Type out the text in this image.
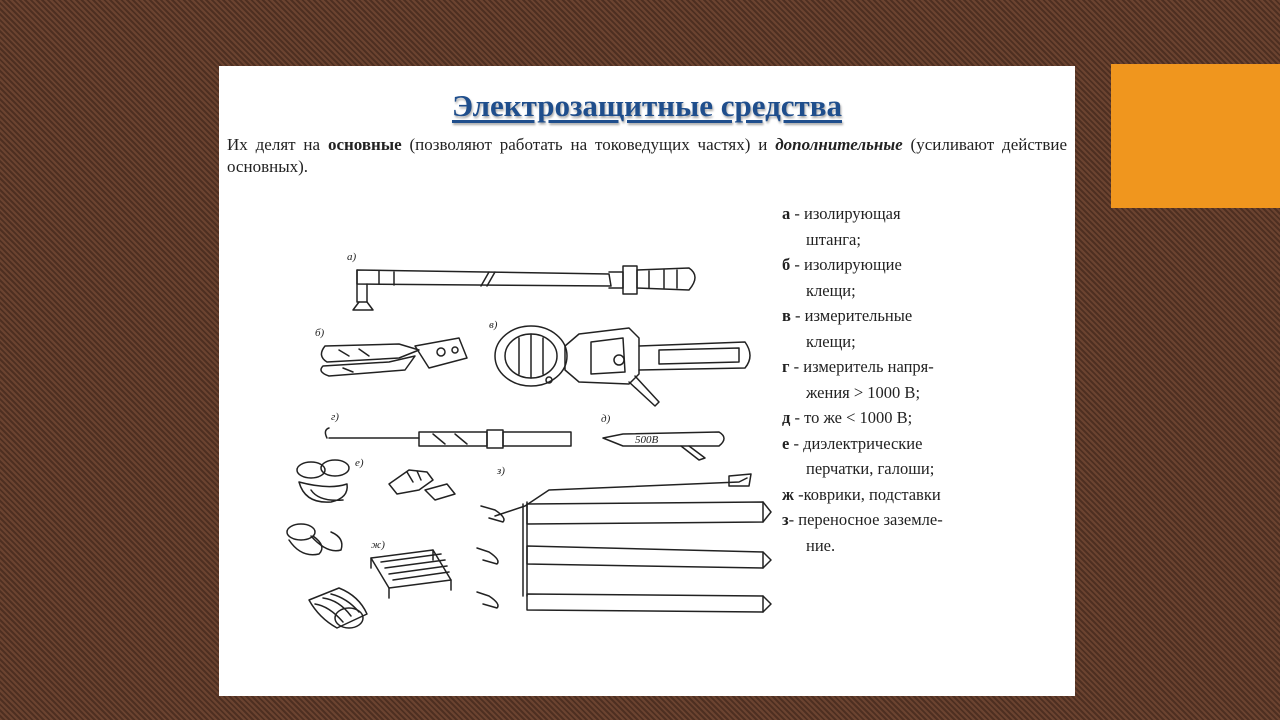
Электрозащитные средства
Их делят на основные (позволяют работать на токоведущих частях) и дополнительные (усиливают действие основных).
а)
б)
в)
г)	д)
500В
е)
ж)
з)
а - изолирующая
штанга;
б - изолирующие
клещи;
в - измерительные
клещи;
г - измеритель напря-
жения > 1000 В;
д - то же < 1000 В;
е - диэлектрические
перчатки, галоши;
ж -коврики, подставки
з- переносное заземле-
ние.
